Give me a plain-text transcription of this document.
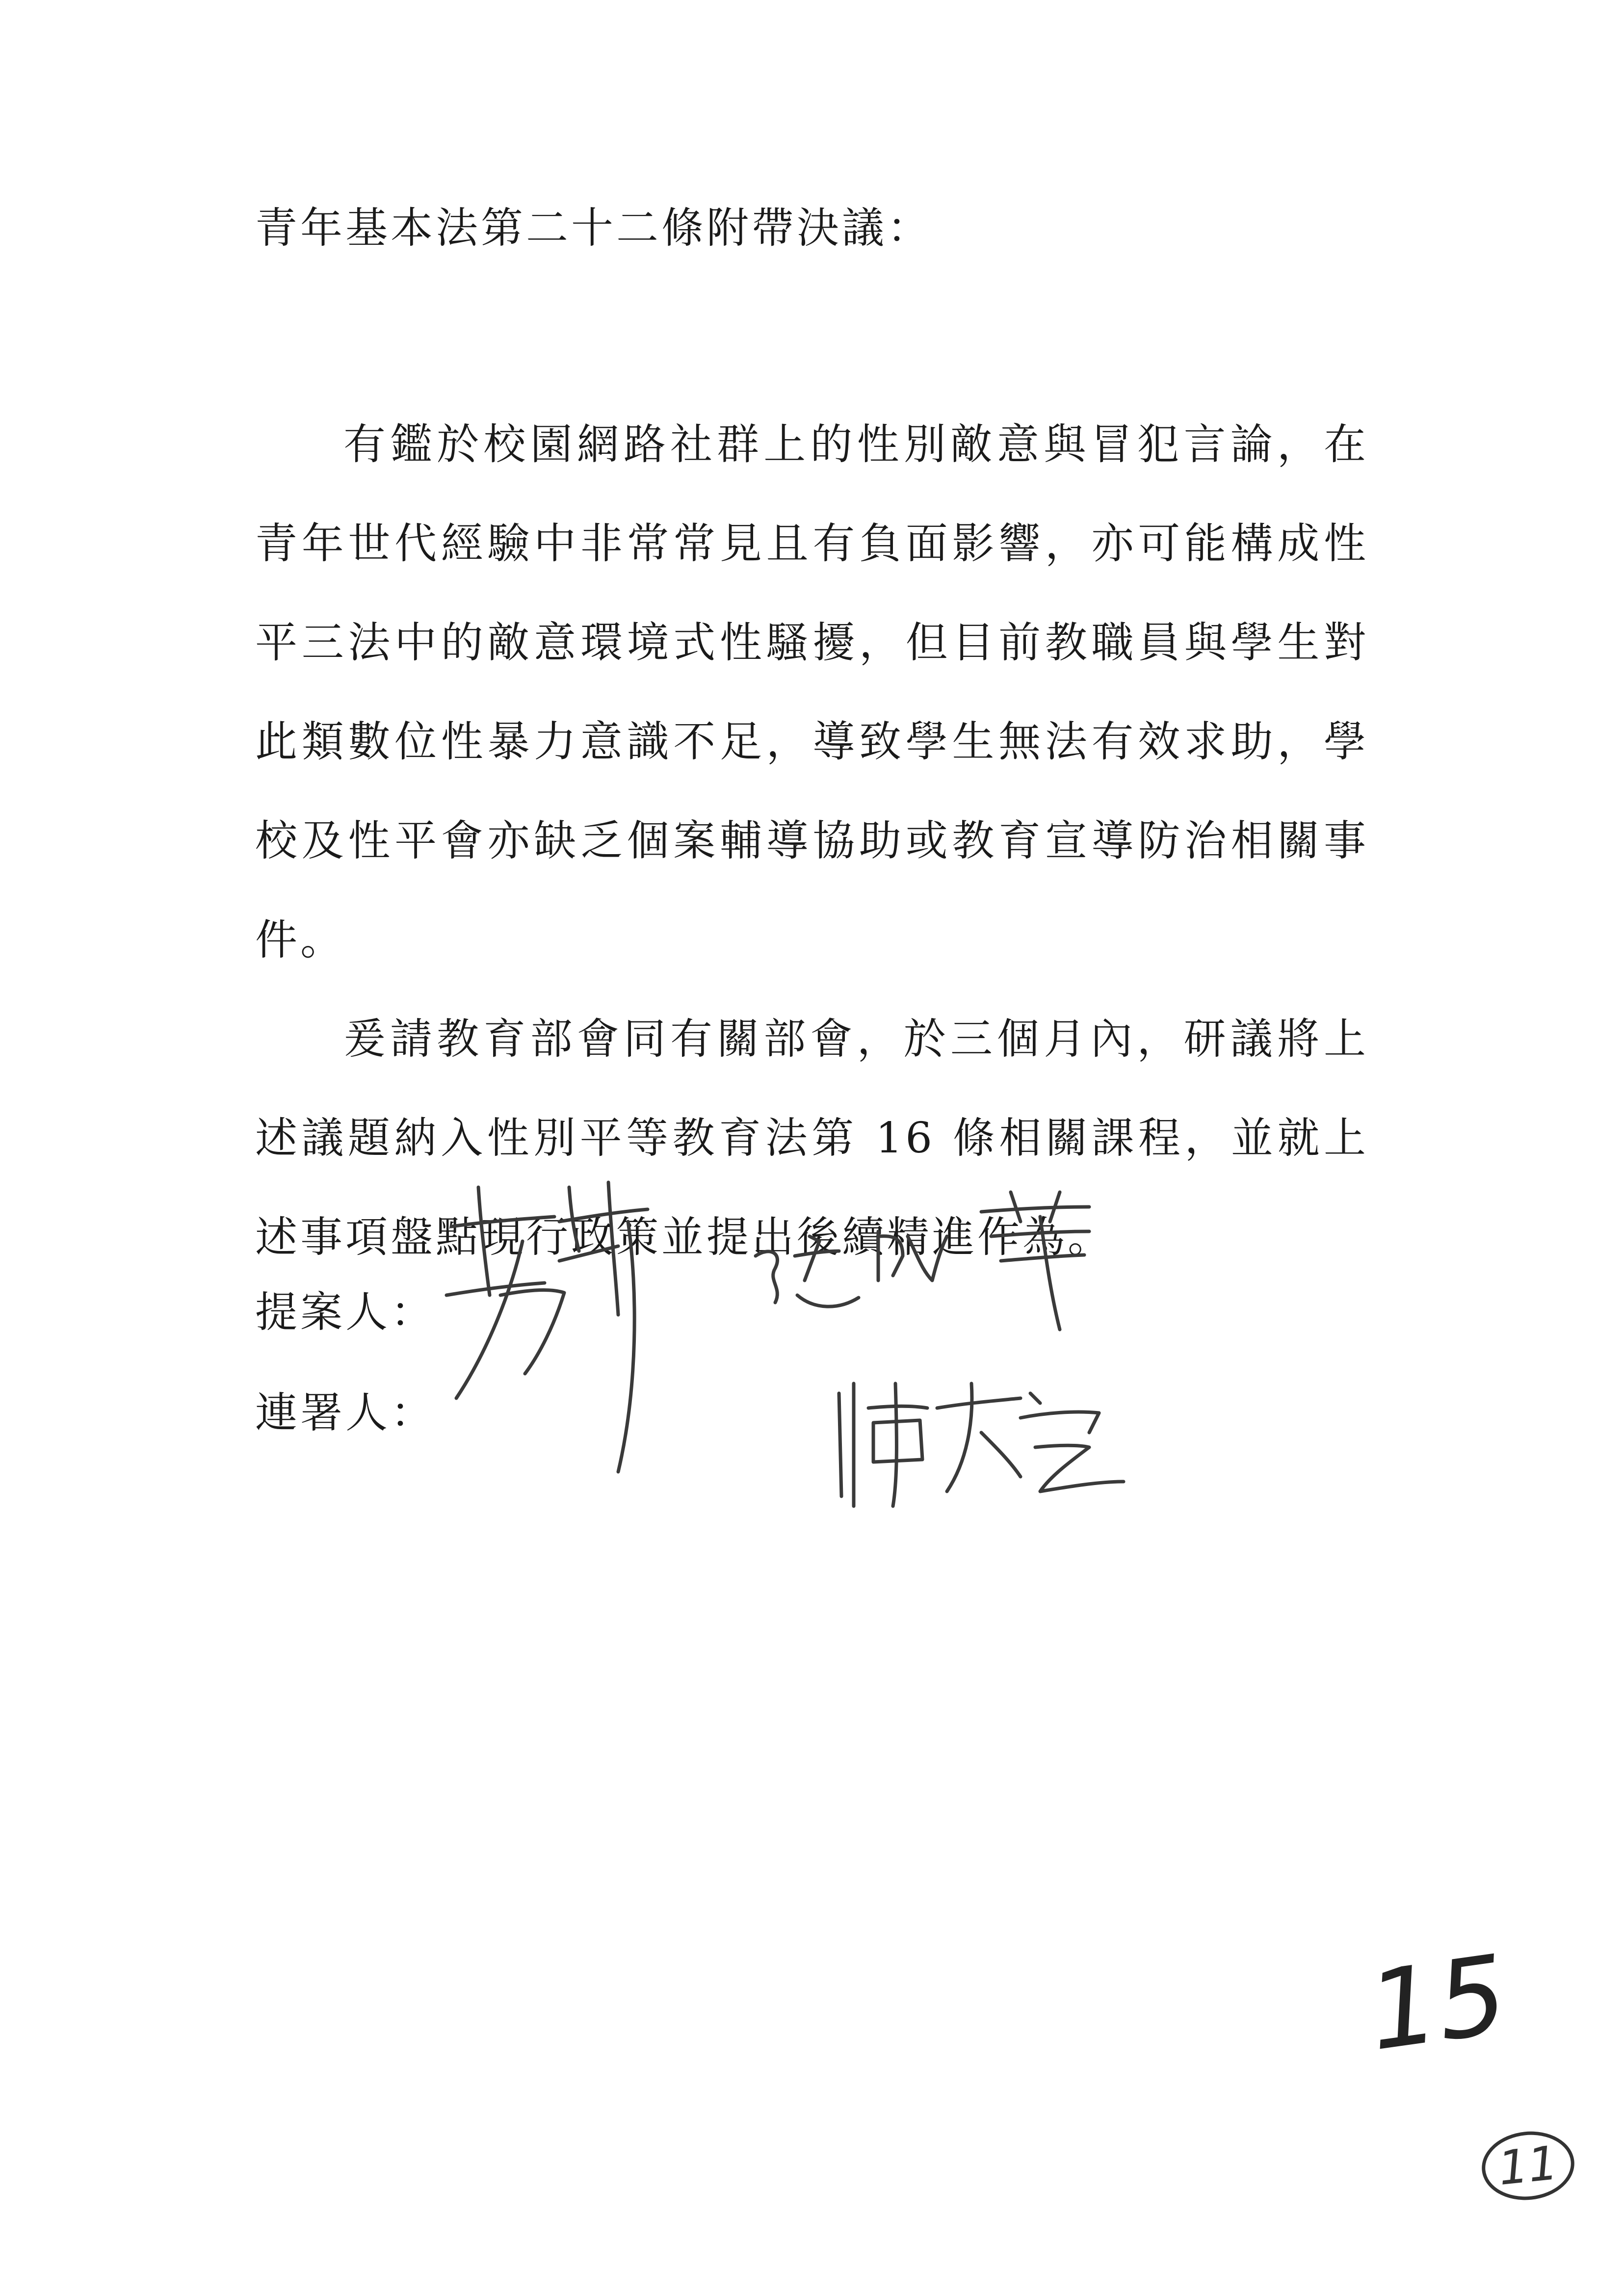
青年基本法第二十二條附帶決議：

有鑑於校園網路社群上的性別敵意與冒犯言論，在青年世代經驗中非常常見且有負面影響，亦可能構成性平三法中的敵意環境式性騷擾，但目前教職員與學生對此類數位性暴力意識不足，導致學生無法有效求助，學校及性平會亦缺乏個案輔導協助或教育宣導防治相關事件。

爰請教育部會同有關部會，於三個月內，研議將上述議題納入性別平等教育法第 16 條相關課程，並就上述事項盤點現行政策並提出後續精進作為。

提案人：
連署人：
15
11
